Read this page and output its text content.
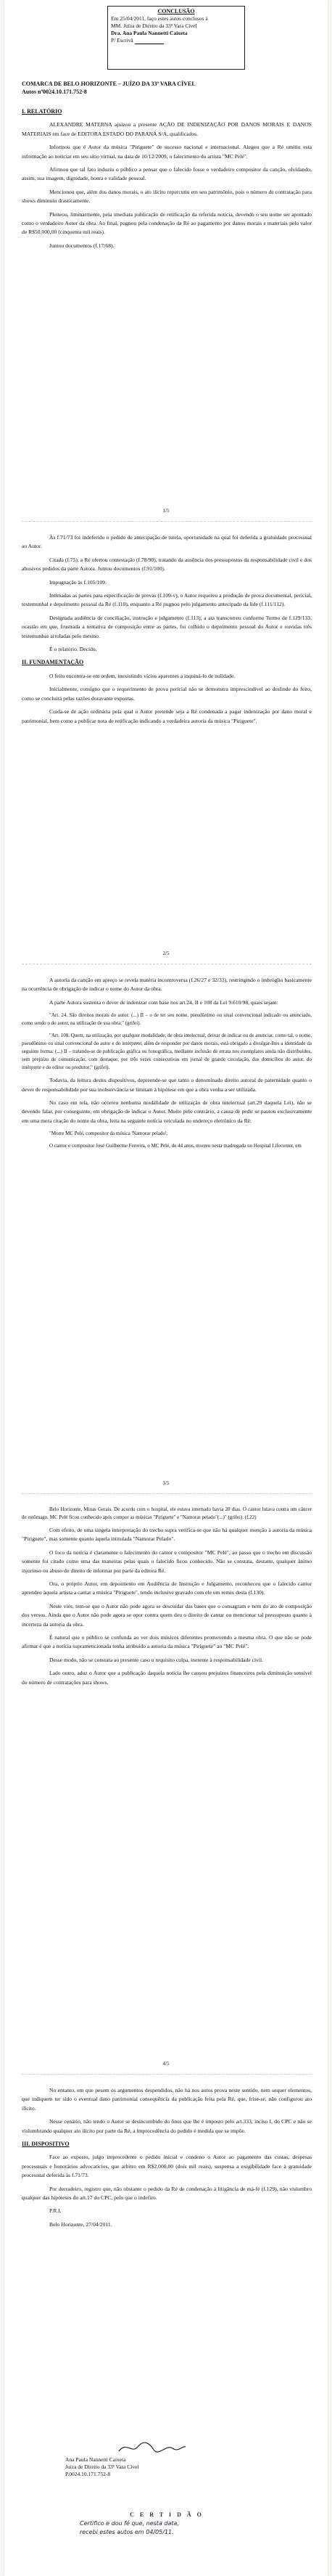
CONCLUSÃO
Em 25/04/2011, faço estes autos conclusos à
MM. Juíza de Direito da 33ª Vara Cível
Dra. Ana Paula Nannetti Caixeta
P/ Escrivã
COMARCA DE BELO HORIZONTE – JUÍZO DA 33ª VARA CÍVEL
Autos nº0024.10.171.752-8

I. RELATÓRIO

ALEXANDRE MATERNA ajuizou a presente AÇÃO DE INDENIZAÇÃO POR DANOS MORAIS E DANOS MATERIAIS em face de EDITORA ESTADO DO PARANÁ S/A, qualificados.

Informou que é Autor da música "Piriguete" de sucesso nacional e internacional. Alegou que a Ré omitiu esta informação ao noticiar em seu sítio virtual, na data de 10/12/2009, o falecimento do artista "MC Pelé".

Afirmou que tal fato induziu o público a pensar que o falecido fosse o verdadeiro compositor da canção, olvidando, assim, sua imagem, dignidade, honra e validade pessoal.

Mencionou que, além dos danos morais, o ato ilícito repercutiu em seu patrimônio, pois o número de contratação para shows diminuiu drasticamente.

Pleiteou, liminarmente, pela imediata publicação de retificação da referida notícia, devendo o seu nome ser apontado como o verdadeiro Autor da obra. Ao final, pugnou pela condenação da Ré ao pagamento por danos morais e materiais pelo valor de R$50.000,00 (cinquenta mil reais).

Juntou documentos (f.17/68).

1/5

Às f.71/73 foi indeferido o pedido de antecipação de tutela, oportunidade na qual foi deferida a gratuidade processual ao Autor.

Citada (f.75), a Ré ofertou contestação (f.78/90), tratando da ausência dos pressupostos da responsabilidade civil e dos abusivos pedidos da parte Autora. Juntou documentos (f.91/100).

Impugnação às f.105/109.

Intimadas as partes para especificação de provas (f.109-v), o Autor requereu a produção de prova documental, pericial, testemunhal e depoimento pessoal da Ré (f.110), enquanto a Ré pugnou pelo julgamento antecipado da lide (f.111/112).

Designada audiência de conciliação, instrução e julgamento (f.113), a ata transcorreu conforme Termo de f.129/133, ocasião em que, frustrada a tentativa de composição entre as partes, foi colhido o depoimento pessoal do Autor e ouvidas três testemunhas arroladas pelo mesmo.

É o relatório. Decido.

II. FUNDAMENTAÇÃO

O feito encontra-se em ordem, inexistindo vícios aparentes a inquiná-lo de nulidade.

Inicialmente, consigno que o requerimento de prova pericial não se demonstra imprescindível ao deslinde do feito, como se concluirá pelas razões doravante expostas.

Cuida-se de ação ordinária pela qual o Autor pretende seja a Ré condenada a pagar indenização por dano moral e patrimonial, bem como a publicar nota de retificação indicando a verdadeira autoria da música "Piriguete".

2/5

A autoria da canção em apreço se revela matéria incontroversa (f.26/27 e 32/33), restringindo o imbróglio basicamente na ocorrência de obrigação de indicar o nome do Autor da obra.

A parte Autora sustenta o dever de indenizar com base nos art.24, II e 108 da Lei 9.610/98, quais sejam:

"Art. 24. São direitos morais do autor: (...) II – o de ter seu nome, pseudônimo ou sinal convencional indicado ou anunciado, como sendo o do autor, na utilização de sua obra;" (grifei).

"Art. 108. Quem, na utilização, por qualquer modalidade, de obra intelectual, deixar de indicar ou de anunciar, como tal, o nome, pseudônimo ou sinal convencional do autor e do intérprete, além de responder por danos morais, está obrigado a divulgar-lhes a identidade da seguinte forma: (...) II – tratando-se de publicação gráfica ou fonográfica, mediante inclusão de errata nos exemplares ainda não distribuídos, sem prejuízo de comunicação, com destaque, por três vezes consecutivas em jornal de grande circulação, dos domicílios do autor, do intérprete e do editor ou produtor;" (grifei).

Todavia, da leitura destes dispositivos, depreende-se que tanto o denominado direito autoral de paternidade quanto o dever de responsabilidade por sua inobservância se limitam à hipótese em que a obra venha a ser utilizada.

No caso em tela, não ocorreu nenhuma modalidade de utilização de obra intelectual (art.29 daquela Lei), não se devendo falar, por conseguinte, em obrigação de indicar o Autor. Muito pelo contrário, a causa de pedir se pautou exclusivamente em uma mera citação do nome da obra, feita na seguinte notícia veiculada no endereço eletrônico da Ré:

"Morre MC Pelé, compositor da música 'Namorar pelado';

O cantor e compositor José Guilherme Ferreira, o MC Pelé, de 44 anos, morreu nesta madrugada no Hospital Lifecenter, em

3/5

Belo Horizonte, Minas Gerais. De acordo com o hospital, ele estava internado havia 20 dias. O cantor lutava contra um câncer de estômago. MC Pelé ficou conhecido após compor as músicas "Piriguete" e "Namorar pelado"(...)" (grifei). (f.22)

Com efeito, de uma singela interpretação do trecho supra verifica-se que não há qualquer menção à autoria da música "Piriguete", mas somente quanto àquela intitulada "Namorar Pelado".

O foco da notícia é claramente o falecimento do cantor e compositor "MC Pelé", ao passo que o trecho em discussão somente foi citado como uma das maneiras pelas quais o falecido ficou conhecido. Não se constata, destarte, qualquer ânimo injurioso ou abuso do direito de informar por parte da editora Ré.

Ora, o próprio Autor, em depoimento em Audiência de Instrução e Julgamento, reconheceu que o falecido cantor aprendeu àquela artista a cantar a música "Piriguete", tendo inclusive gravado com ele um remix desta (f.130).

Neste viés, tem-se que o Autor não pode agora se descuidar das bases que o consagram e nem do ato de composição dos versos. Ainda que o Autor não pode agora se opor contra quem deu o direito de cantar ou mencionar tal pressuposto quanto à incerteza da autoria da obra.

É natural que o público se confunda ao ver dois músicos diferentes promovendo a mesma obra. O que não se pode afirmar é que a notícia supramencionada tenha atribuído a autoria da música "Piriguete" ao "MC Pelé".

Desse modo, não se constata ao presente caso o requisito culpa, inerente à responsabilidade civil.

Lado outro, aduz o Autor que a publicação daquela notícia lhe causou prejuízos financeiros pela diminuição sensível do número de contratações para shows.

4/5

No entanto, em que pesem os argumentos despendidos, não há nos autos prova neste sentido, nem sequer elementos, que indiquem ter sido o eventual dano patrimonial consequência da publicação feita pela Ré, que, frise-se, não configurou ato ilícito.

Nesse cenário, não tendo o Autor se desincumbido do ônus que lhe é imposto pelo art.333, inciso I, do CPC e não se vislumbrando qualquer ato ilícito por parte da Ré, a improcedência do pedido é medida que se impõe.

III. DISPOSITIVO

Face ao exposto, julgo improcedente o pedido inicial e condeno o Autor ao pagamento das custas, despesas processuais e honorários advocatícios, que arbitro em R$2.000,00 (dois mil reais), suspensa a exigibilidade face à gratuidade processual deferida às f.71/73.

Por derradeiro, registro que, não obstante o pedido da Ré de condenação à litigância de má-fé (f.129), não vislumbro qualquer das hipóteses do art.17 do CPC, pelo que o indefiro.

P.R.I.

Belo Horizonte, 27/04/2011.

Ana Paula Nannetti Caixeta
Juíza de Direito da 33ª Vara Cível
P.0024.10.171.752-8
C E R T I D Ã O
Certifico e dou fé que, nesta data,
recebi estes autos em 04/05/11.
